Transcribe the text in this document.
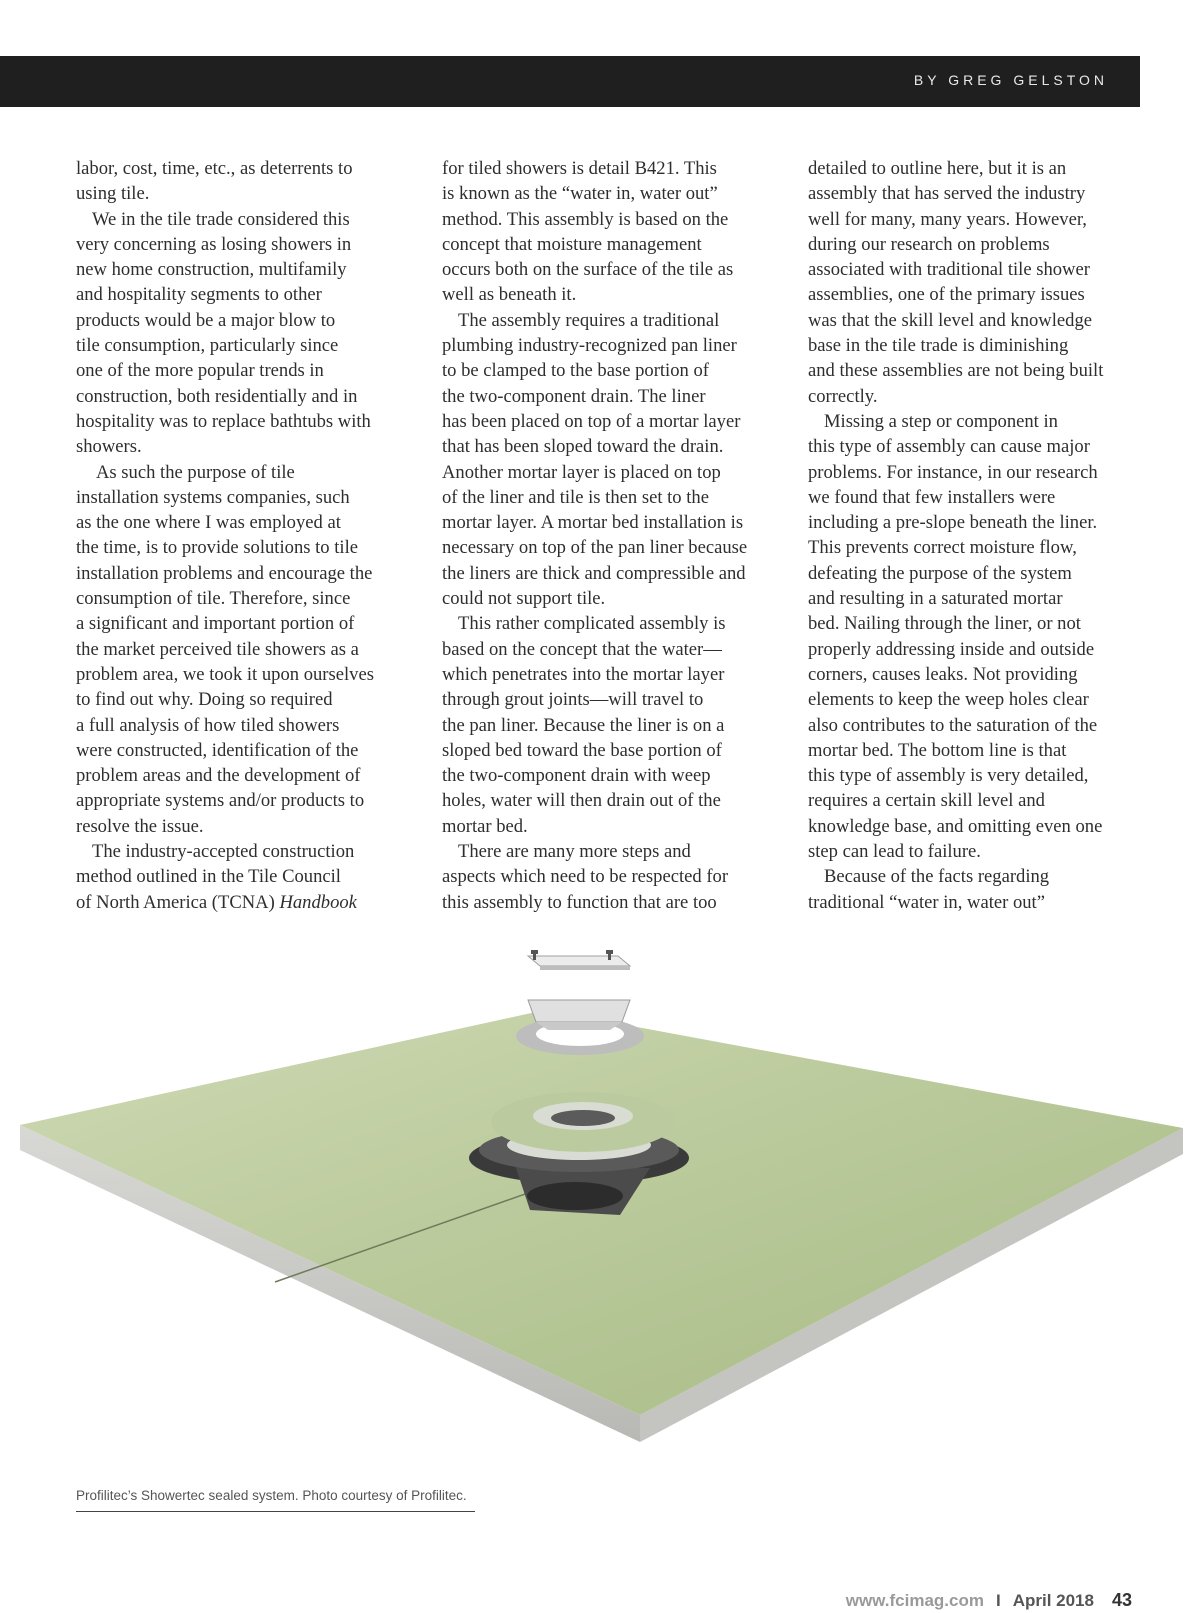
BY GREG GELSTON
labor, cost, time, etc., as deterrents to
using tile.
We in the tile trade considered this
very concerning as losing showers in
new home construction, multifamily
and hospitality segments to other
products would be a major blow to
tile consumption, particularly since
one of the more popular trends in
construction, both residentially and in
hospitality was to replace bathtubs with
showers.
As such the purpose of tile
installation systems companies, such
as the one where I was employed at
the time, is to provide solutions to tile
installation problems and encourage the
consumption of tile. Therefore, since
a significant and important portion of
the market perceived tile showers as a
problem area, we took it upon ourselves
to find out why. Doing so required
a full analysis of how tiled showers
were constructed, identification of the
problem areas and the development of
appropriate systems and/or products to
resolve the issue.
The industry-accepted construction
method outlined in the Tile Council
of North America (TCNA) Handbook
for tiled showers is detail B421. This
is known as the “water in, water out”
method. This assembly is based on the
concept that moisture management
occurs both on the surface of the tile as
well as beneath it.
The assembly requires a traditional
plumbing industry-recognized pan liner
to be clamped to the base portion of
the two-component drain. The liner
has been placed on top of a mortar layer
that has been sloped toward the drain.
Another mortar layer is placed on top
of the liner and tile is then set to the
mortar layer. A mortar bed installation is
necessary on top of the pan liner because
the liners are thick and compressible and
could not support tile.
This rather complicated assembly is
based on the concept that the water—
which penetrates into the mortar layer
through grout joints—will travel to
the pan liner. Because the liner is on a
sloped bed toward the base portion of
the two-component drain with weep
holes, water will then drain out of the
mortar bed.
There are many more steps and
aspects which need to be respected for
this assembly to function that are too
detailed to outline here, but it is an
assembly that has served the industry
well for many, many years. However,
during our research on problems
associated with traditional tile shower
assemblies, one of the primary issues
was that the skill level and knowledge
base in the tile trade is diminishing
and these assemblies are not being built
correctly.
Missing a step or component in
this type of assembly can cause major
problems. For instance, in our research
we found that few installers were
including a pre-slope beneath the liner.
This prevents correct moisture flow,
defeating the purpose of the system
and resulting in a saturated mortar
bed. Nailing through the liner, or not
properly addressing inside and outside
corners, causes leaks. Not providing
elements to keep the weep holes clear
also contributes to the saturation of the
mortar bed. The bottom line is that
this type of assembly is very detailed,
requires a certain skill level and
knowledge base, and omitting even one
step can lead to failure.
Because of the facts regarding
traditional “water in, water out”
Profilitec’s Showertec sealed system. Photo courtesy of Profilitec.
www.fcimag.com I April 2018 43
